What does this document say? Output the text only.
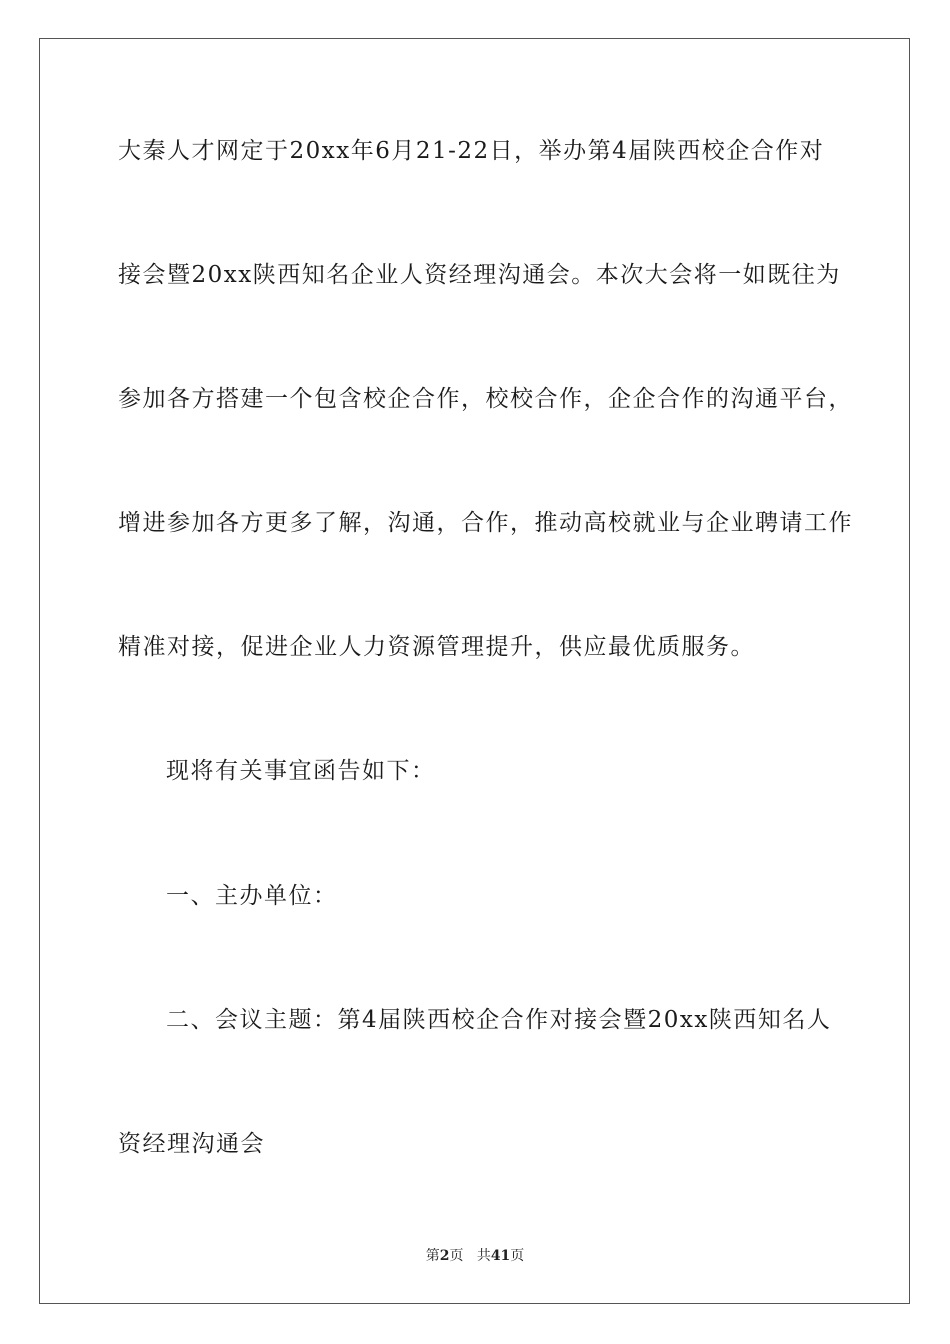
大秦人才网定于20xx年6月21-22日，举办第4届陕西校企合作对
接会暨20xx陕西知名企业人资经理沟通会。本次大会将一如既往为
参加各方搭建一个包含校企合作，校校合作，企企合作的沟通平台，
增进参加各方更多了解，沟通，合作，推动高校就业与企业聘请工作
精准对接，促进企业人力资源管理提升，供应最优质服务。
现将有关事宜函告如下：
一、主办单位：
二、会议主题：第4届陕西校企合作对接会暨20xx陕西知名人
资经理沟通会
第2页 共41页
